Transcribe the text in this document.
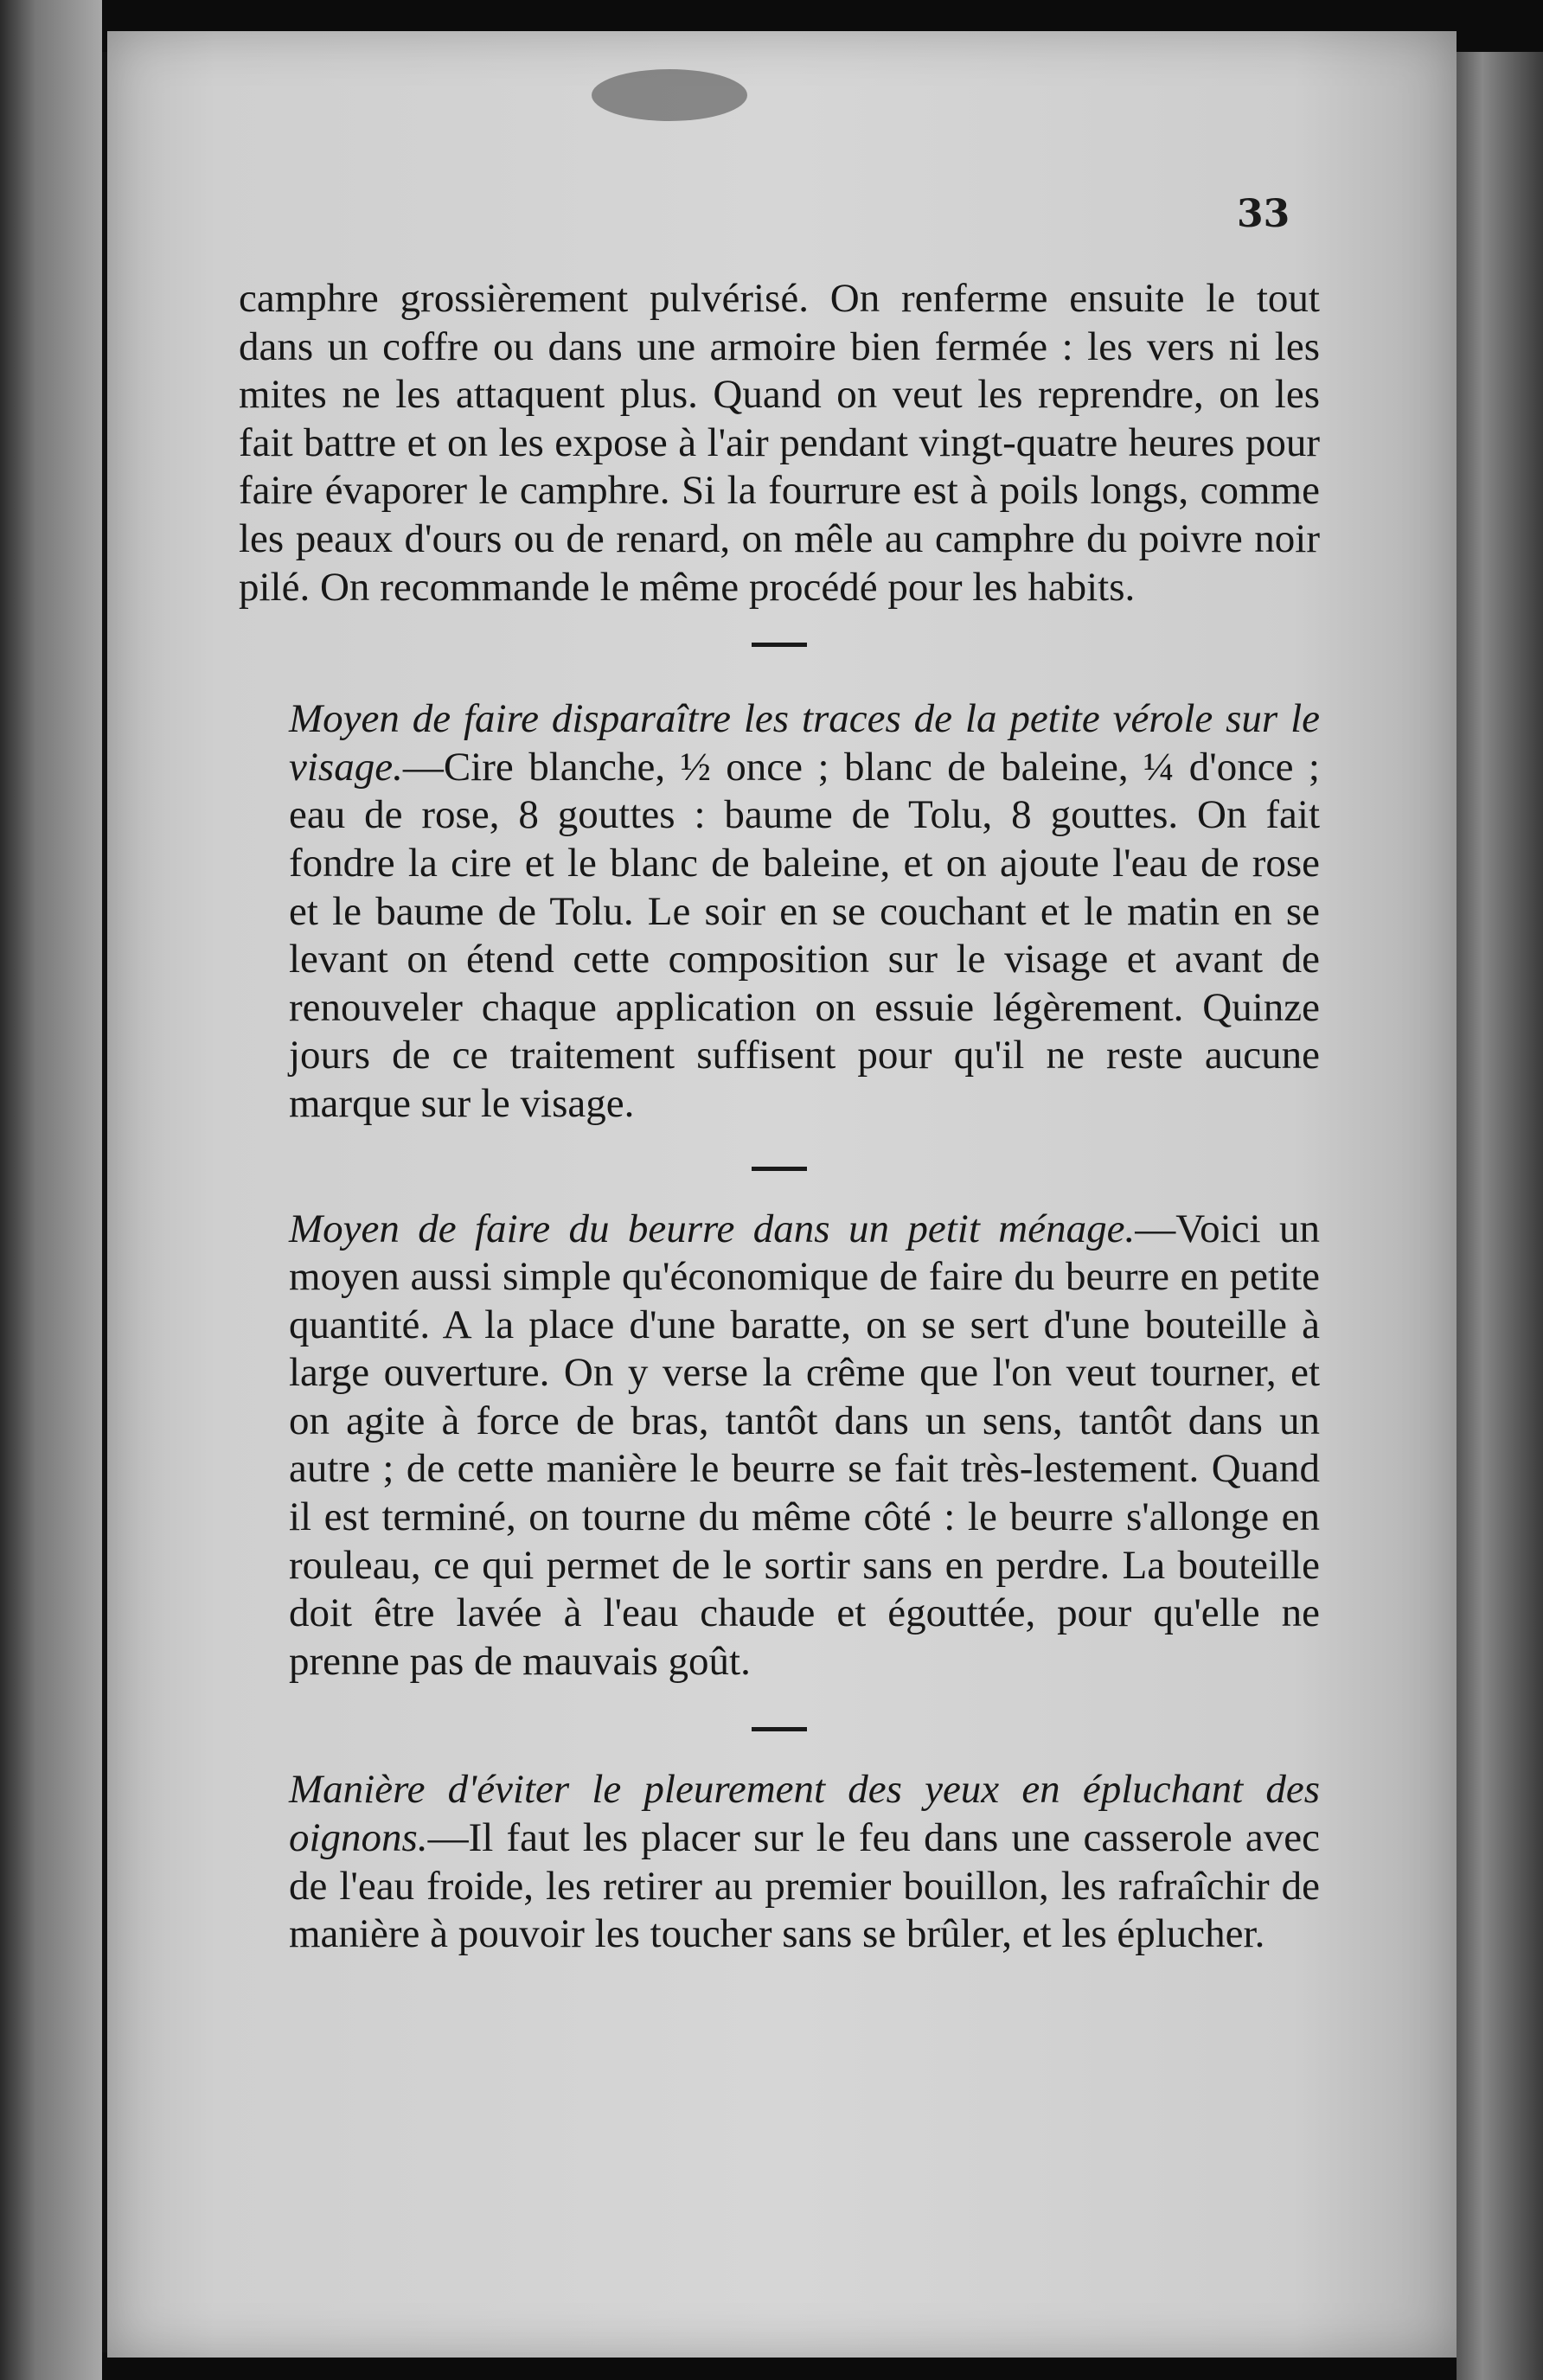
33

camphre grossièrement pulvérisé. On renferme ensuite le tout dans un coffre ou dans une armoire bien fermée : les vers ni les mites ne les attaquent plus. Quand on veut les reprendre, on les fait battre et on les expose à l'air pendant vingt-quatre heures pour faire évaporer le camphre. Si la fourrure est à poils longs, comme les peaux d'ours ou de renard, on mêle au camphre du poivre noir pilé. On recommande le même procédé pour les habits.

Moyen de faire disparaître les traces de la petite vérole sur le visage.—Cire blanche, ½ once ; blanc de baleine, ¼ d'once ; eau de rose, 8 gouttes : baume de Tolu, 8 gouttes. On fait fondre la cire et le blanc de baleine, et on ajoute l'eau de rose et le baume de Tolu. Le soir en se couchant et le matin en se levant on étend cette composition sur le visage et avant de renouveler chaque application on essuie légèrement. Quinze jours de ce traitement suffisent pour qu'il ne reste aucune marque sur le visage.

Moyen de faire du beurre dans un petit ménage.—Voici un moyen aussi simple qu'économique de faire du beurre en petite quantité. A la place d'une baratte, on se sert d'une bouteille à large ouverture. On y verse la crême que l'on veut tourner, et on agite à force de bras, tantôt dans un sens, tantôt dans un autre ; de cette manière le beurre se fait très-lestement. Quand il est terminé, on tourne du même côté : le beurre s'allonge en rouleau, ce qui permet de le sortir sans en perdre. La bouteille doit être lavée à l'eau chaude et égouttée, pour qu'elle ne prenne pas de mauvais goût.

Manière d'éviter le pleurement des yeux en épluchant des oignons.—Il faut les placer sur le feu dans une casserole avec de l'eau froide, les retirer au premier bouillon, les rafraîchir de manière à pouvoir les toucher sans se brûler, et les éplucher.
